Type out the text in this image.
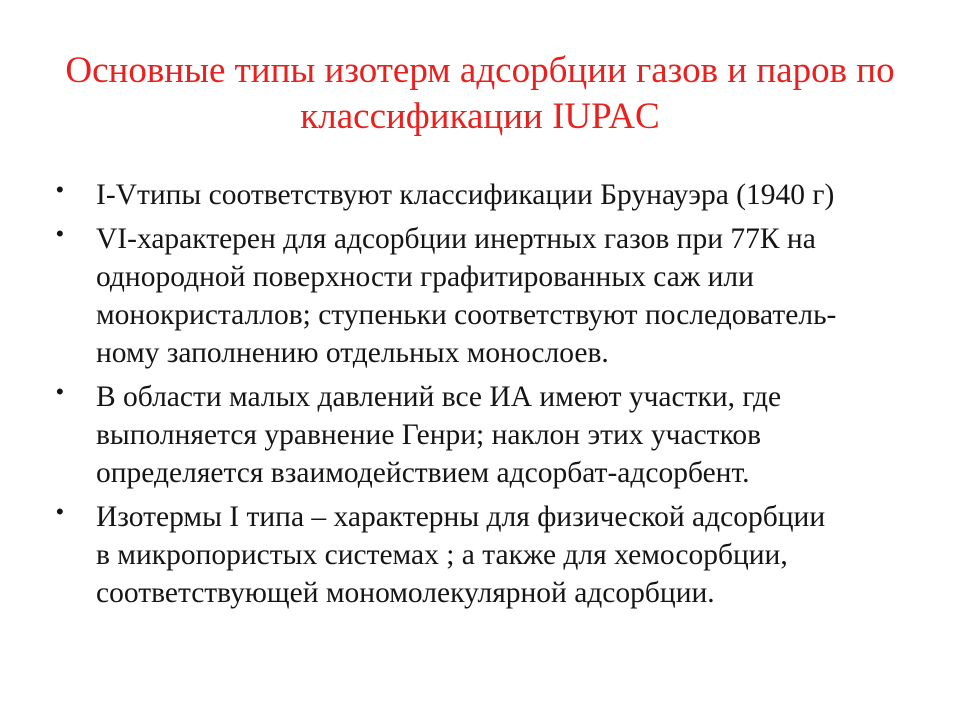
Основные типы изотерм адсорбции газов и паров по
классификации IUPAC
• I-Vтипы соответствуют классификации Брунауэра (1940 г)
• VI-характерен для адсорбции инертных газов при 77К на
однородной поверхности графитированных саж или
монокристаллов; ступеньки соответствуют последователь-
ному заполнению отдельных монослоев.
• В области малых давлений все ИА имеют участки, где
выполняется уравнение Генри; наклон этих участков
определяется взаимодействием адсорбат-адсорбент.
• Изотермы I типа – характерны для физической адсорбции
в микропористых системах ; а также для хемосорбции,
соответствующей мономолекулярной адсорбции.
